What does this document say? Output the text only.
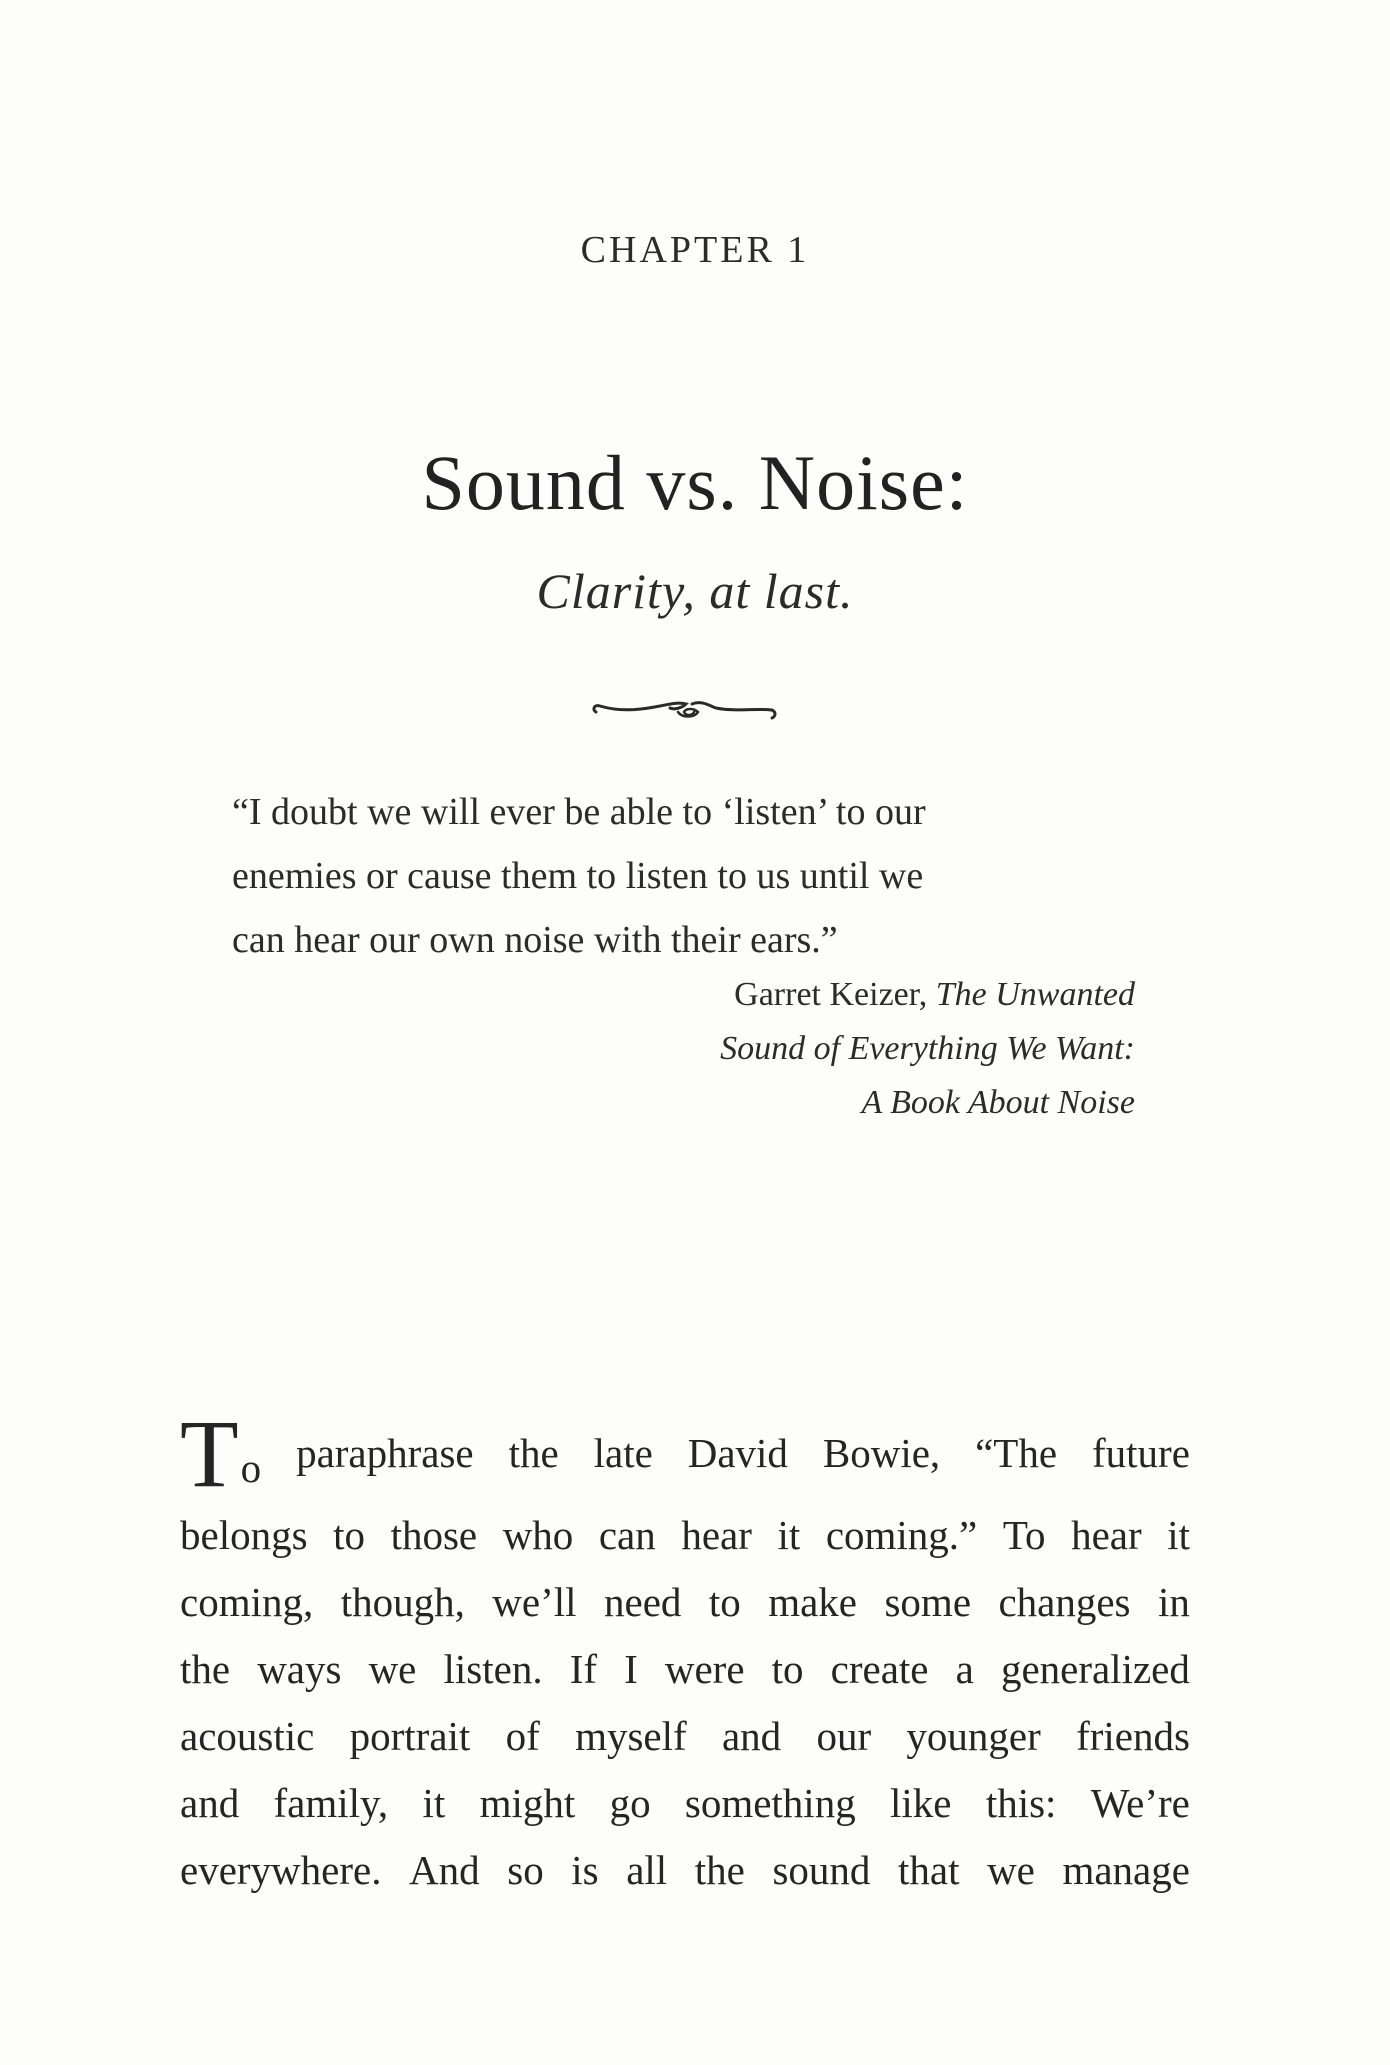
CHAPTER 1
Sound vs. Noise:
Clarity, at last.
“I doubt we will ever be able to ‘listen’ to our
enemies or cause them to listen to us until we
can hear our own noise with their ears.”
Garret Keizer, The Unwanted
Sound of Everything We Want:
A Book About Noise
To paraphrase the late David Bowie, “The future
belongs to those who can hear it coming.” To hear it
coming, though, we’ll need to make some changes in
the ways we listen. If I were to create a generalized
acoustic portrait of myself and our younger friends
and family, it might go something like this: We’re
everywhere. And so is all the sound that we manage
